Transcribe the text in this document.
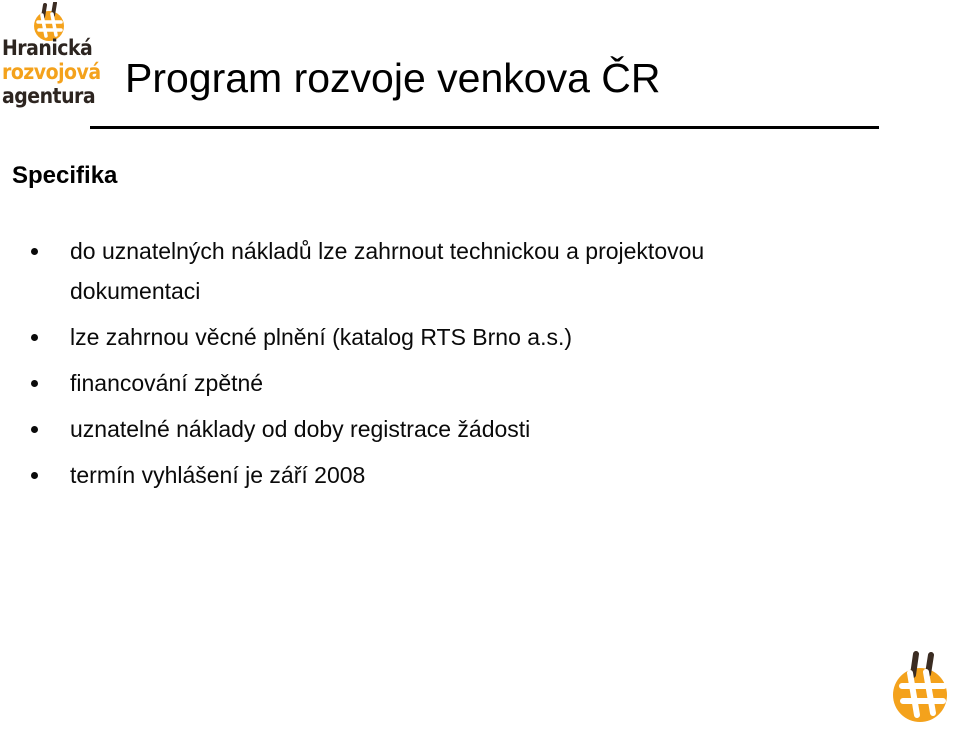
Hranická
rozvojová
agentura Program rozvoje venkova ČR
Specifika
do uznatelných nákladů lze zahrnout technickou a projektovou dokumentaci
lze zahrnou věcné plnění (katalog RTS Brno a.s.)
financování zpětné
uznatelné náklady od doby registrace žádosti
termín vyhlášení je září 2008
